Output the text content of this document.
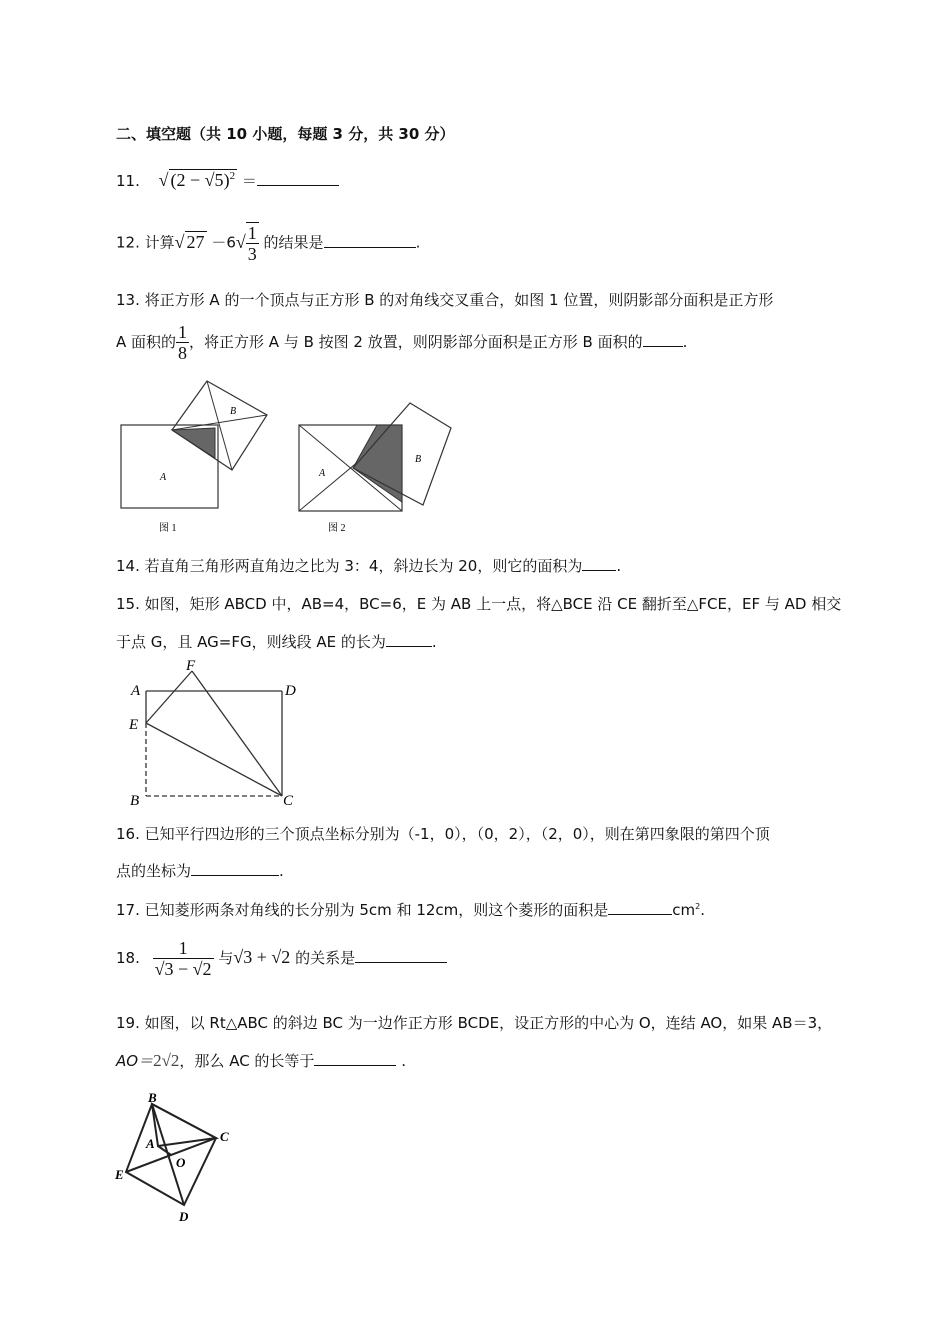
二、填空题（共 10 小题，每题 3 分，共 30 分）
11. √ $(2 - √5)^2$ ＝
12. 计算√ $27 -6√ \frac{1}{3}$ 的结果是	.
13. 将正方形 A 的一个顶点与正方形 B 的对角线交叉重合，如图 1 位置，则阴影部分面积是正方形
A 面积的 $\frac{1}{8}$ ，将正方形 A 与 B 按图 2 放置，则阴影部分面积是正方形 B 面积的	.
A
B
图 1
A
B
图 2
14. 若直角三角形两直角边之比为 3：4，斜边长为 20，则它的面积为 .
15. 如图，矩形 ABCD 中，AB=4，BC=6，E 为 AB 上一点，将△BCE 沿 CE 翻折至△FCE，EF 与 AD 相交
于点 G，且 AG=FG，则线段 AE 的长为	.
A	D
E
F
B	C
16. 已知平行四边形的三个顶点坐标分别为（-1，0），（0，2），（2，0），则在第四象限的第四个顶
点的坐标为	.
17. 已知菱形两条对角线的长分别为 5cm 和 12cm，则这个菱形的面积是	$cm^2$.
18. $\frac{1}{√3 - √2}$ 与√3 + √2 的关系是
19. 如图，以 Rt△ABC 的斜边 BC 为一边作正方形 BCDE，设正方形的中心为 O，连结 AO，如果 AB＝3，
AO＝2√2，那么 AC 的长等于	.
B
C
A
O
E
D
